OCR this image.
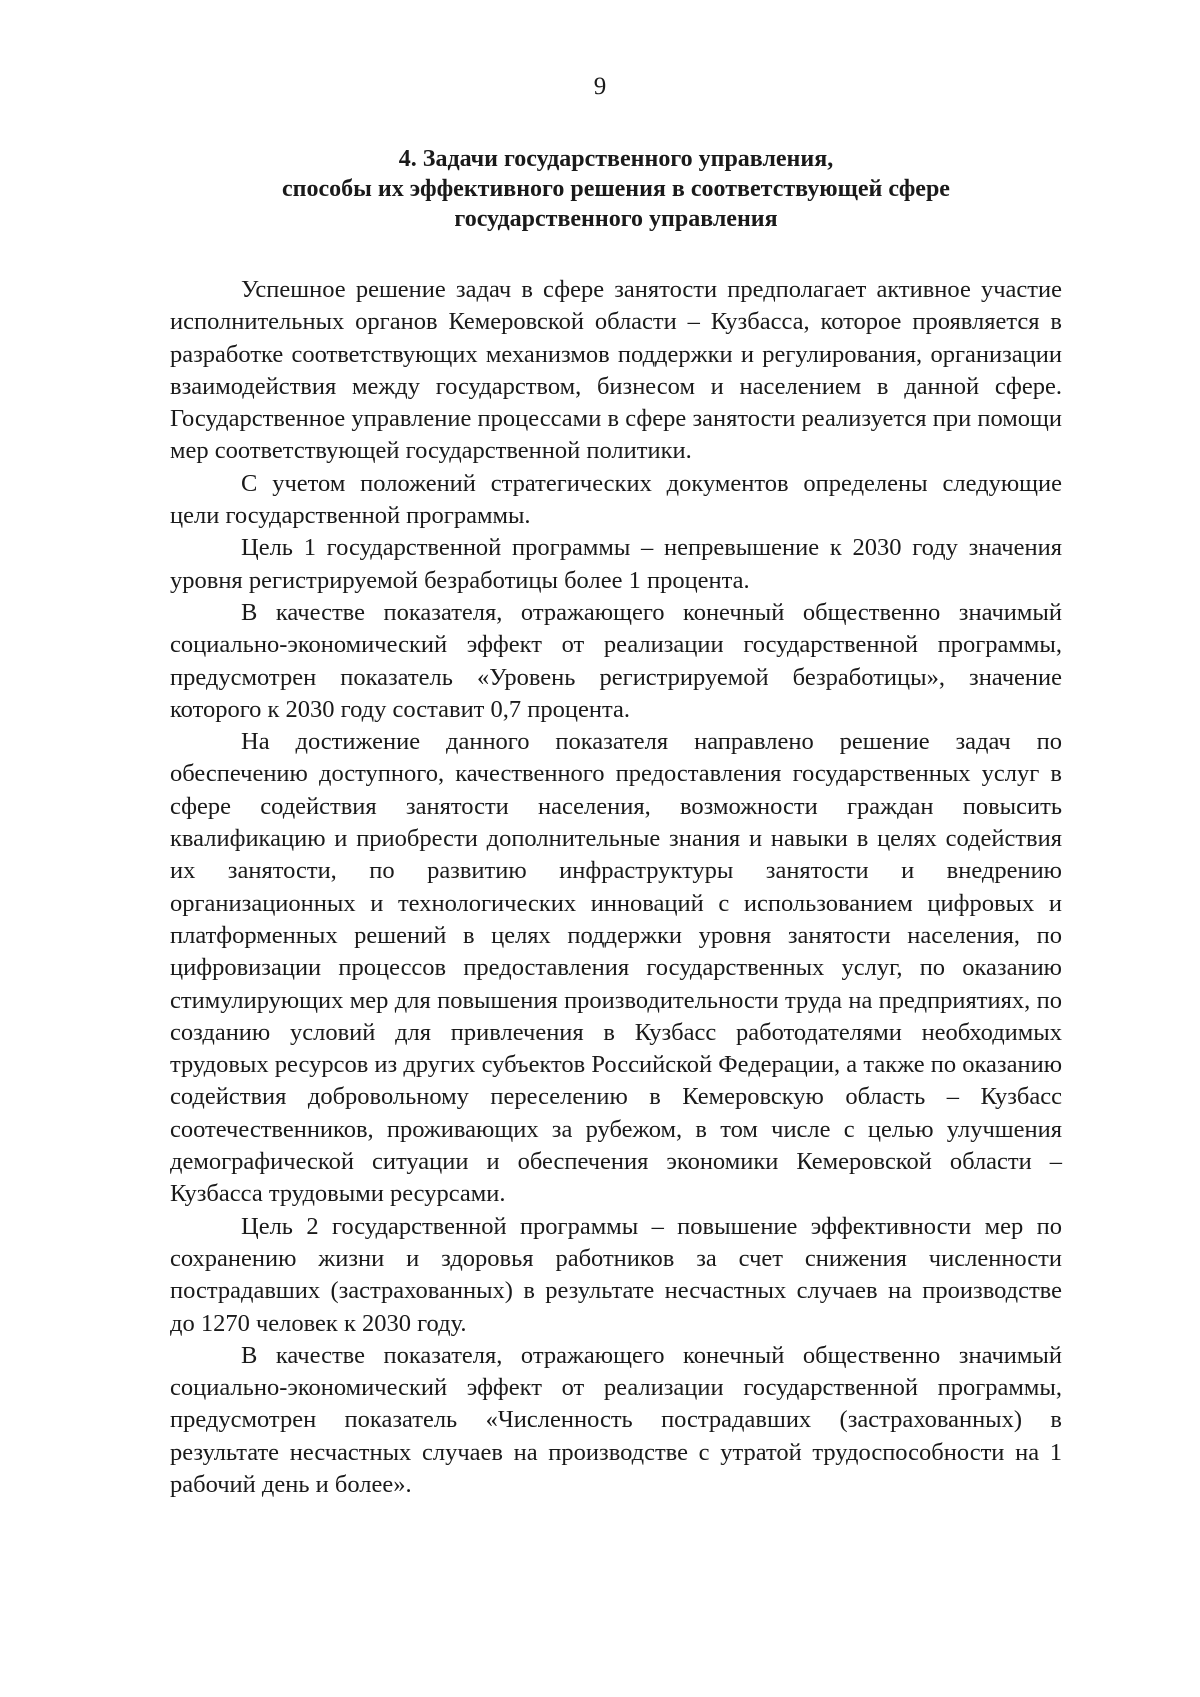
9
4. Задачи государственного управления,
способы их эффективного решения в соответствующей сфере
государственного управления

Успешное решение задач в сфере занятости предполагает активное участие исполнительных органов Кемеровской области – Кузбасса, которое проявляется в разработке соответствующих механизмов поддержки и регулирования, организации взаимодействия между государством, бизнесом и населением в данной сфере. Государственное управление процессами в сфере занятости реализуется при помощи мер соответствующей государственной политики.

С учетом положений стратегических документов определены следующие цели государственной программы.

Цель 1 государственной программы – непревышение к 2030 году значения уровня регистрируемой безработицы более 1 процента.

В качестве показателя, отражающего конечный общественно значимый социально-экономический эффект от реализации государственной программы, предусмотрен показатель «Уровень регистрируемой безработицы», значение которого к 2030 году составит 0,7 процента.

На достижение данного показателя направлено решение задач по обеспечению доступного, качественного предоставления государственных услуг в сфере содействия занятости населения, возможности граждан повысить квалификацию и приобрести дополнительные знания и навыки в целях содействия их занятости, по развитию инфраструктуры занятости и внедрению организационных и технологических инноваций с использованием цифровых и платформенных решений в целях поддержки уровня занятости населения, по цифровизации процессов предоставления государственных услуг, по оказанию стимулирующих мер для повышения производительности труда на предприятиях, по созданию условий для привлечения в Кузбасс работодателями необходимых трудовых ресурсов из других субъектов Российской Федерации, а также по оказанию содействия добровольному переселению в Кемеровскую область – Кузбасс соотечественников, проживающих за рубежом, в том числе с целью улучшения демографической ситуации и обеспечения экономики Кемеровской области – Кузбасса трудовыми ресурсами.

Цель 2 государственной программы – повышение эффективности мер по сохранению жизни и здоровья работников за счет снижения численности пострадавших (застрахованных) в результате несчастных случаев на производстве до 1270 человек к 2030 году.

В качестве показателя, отражающего конечный общественно значимый социально-экономический эффект от реализации государственной программы, предусмотрен показатель «Численность пострадавших (застрахованных) в результате несчастных случаев на производстве с утратой трудоспособности на 1 рабочий день и более».
